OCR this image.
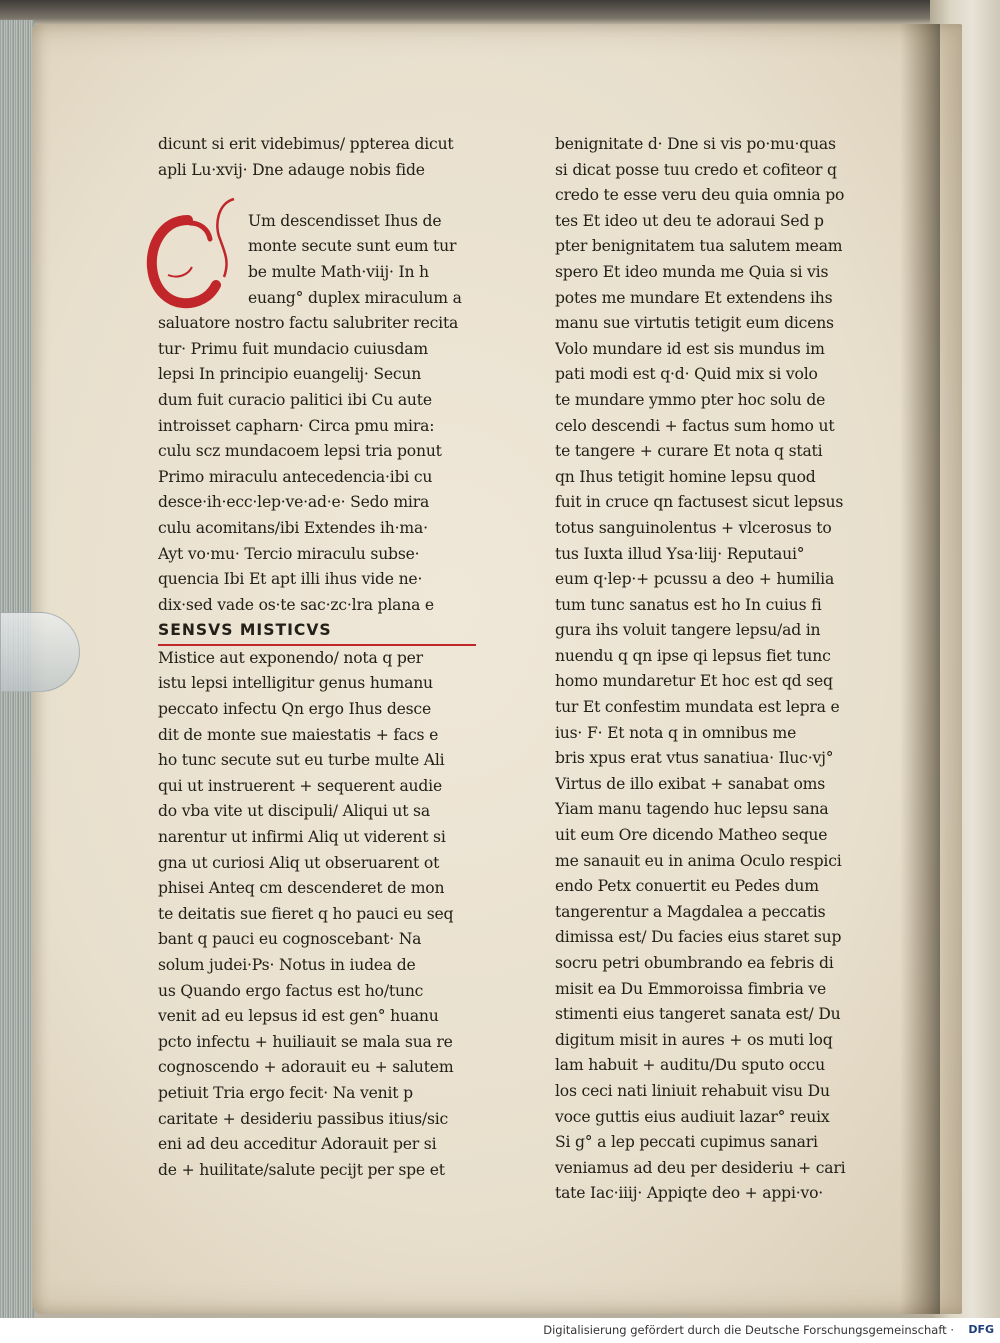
dicunt si erit videbimus/ ppterea dicut
apli Lu·xvij· Dne adauge nobis fide
Um descendisset Ihus de
monte secute sunt eum tur
be multe Math·viij· In h
euang° duplex miraculum a
saluatore nostro factu salubriter recita
tur· Primu fuit mundacio cuiusdam
lepsi In principio euangelij· Secun
dum fuit curacio palitici ibi Cu aute
introisset capharn· Circa pmu mira:
culu scz mundacoem lepsi tria ponut
Primo miraculu antecedencia·ibi cu
desce·ih·ecc·lep·ve·ad·e· Sedo mira
culu acomitans/ibi Extendes ih·ma·
Ayt vo·mu· Tercio miraculu subse·
quencia Ibi Et apt illi ihus vide ne·
dix·sed vade os·te sac·zc·lra plana e
SENSVS MISTICVS
Mistice aut exponendo/ nota q per
istu lepsi intelligitur genus humanu
peccato infectu Qn ergo Ihus desce
dit de monte sue maiestatis + facs e
ho tunc secute sut eu turbe multe Ali
qui ut instruerent + sequerent audie
do vba vite ut discipuli/ Aliqui ut sa
narentur ut infirmi Aliq ut viderent si
gna ut curiosi Aliq ut obseruarent ot
phisei Anteq cm descenderet de mon
te deitatis sue fieret q ho pauci eu seq
bant q pauci eu cognoscebant· Na
solum judei·Ps· Notus in iudea de
us Quando ergo factus est ho/tunc
venit ad eu lepsus id est gen° huanu
pcto infectu + huiliauit se mala sua re
cognoscendo + adorauit eu + salutem
petiuit Tria ergo fecit· Na venit p
caritate + desideriu passibus itius/sic
eni ad deu acceditur Adorauit per si
de + huilitate/salute pecijt per spe et
benignitate d· Dne si vis po·mu·quas
si dicat posse tuu credo et cofiteor q
credo te esse veru deu quia omnia po
tes Et ideo ut deu te adoraui Sed p
pter benignitatem tua salutem meam
spero Et ideo munda me Quia si vis
potes me mundare Et extendens ihs
manu sue virtutis tetigit eum dicens
Volo mundare id est sis mundus im
pati modi est q·d· Quid mix si volo
te mundare ymmo pter hoc solu de
celo descendi + factus sum homo ut
te tangere + curare Et nota q stati
qn Ihus tetigit homine lepsu quod
fuit in cruce qn factusest sicut lepsus
totus sanguinolentus + vlcerosus to
tus Iuxta illud Ysa·liij· Reputaui°
eum q·lep·+ pcussu a deo + humilia
tum tunc sanatus est ho In cuius fi
gura ihs voluit tangere lepsu/ad in
nuendu q qn ipse qi lepsus fiet tunc
homo mundaretur Et hoc est qd seq
tur Et confestim mundata est lepra e
ius· F· Et nota q in omnibus me
bris xpus erat vtus sanatiua· Iluc·vj°
Virtus de illo exibat + sanabat oms
Yiam manu tagendo huc lepsu sana
uit eum Ore dicendo Matheo seque
me sanauit eu in anima Oculo respici
endo Petx conuertit eu Pedes dum
tangerentur a Magdalea a peccatis
dimissa est/ Du facies eius staret sup
socru petri obumbrando ea febris di
misit ea Du Emmoroissa fimbria ve
stimenti eius tangeret sanata est/ Du
digitum misit in aures + os muti loq
lam habuit + auditu/Du sputo occu
los ceci nati liniuit rehabuit visu Du
voce guttis eius audiuit lazar° reuix
Si g° a lep peccati cupimus sanari
veniamus ad deu per desideriu + cari
tate Iac·iiij· Appiqte deo + appi·vo·
Digitalisierung gefördert durch die Deutsche Forschungsgemeinschaft · DFG
